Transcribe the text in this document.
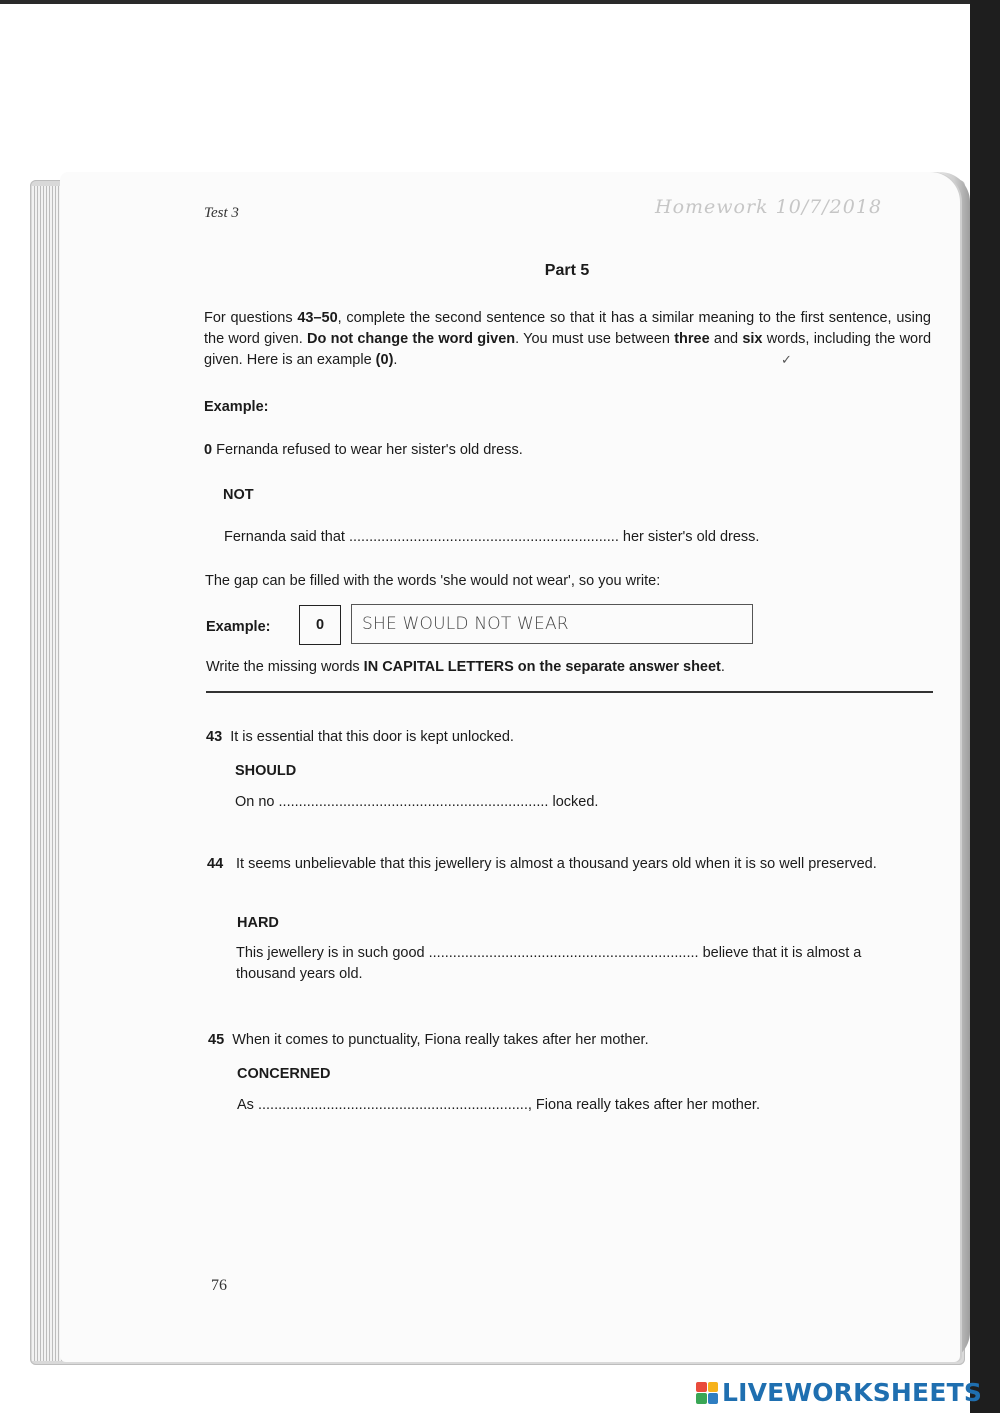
Test 3	Homework 10/7/2018
Part 5
For questions 43–50, complete the second sentence so that it has a similar meaning to the first sentence, using the word given. Do not change the word given. You must use between three and six words, including the word given. Here is an example (0).	✓
Example:
0 Fernanda refused to wear her sister's old dress.
NOT
Fernanda said that ................................................................... her sister's old dress.
The gap can be filled with the words 'she would not wear', so you write:
Example:	0	SHE WOULD NOT WEAR
Write the missing words IN CAPITAL LETTERS on the separate answer sheet.
43 It is essential that this door is kept unlocked.
SHOULD
On no ................................................................... locked.
44 It seems unbelievable that this jewellery is almost a thousand years old when it is so well preserved.
HARD
This jewellery is in such good ................................................................... believe that it is almost a thousand years old.
45 When it comes to punctuality, Fiona really takes after her mother.
CONCERNED
As ..................................................................., Fiona really takes after her mother.
76
LIVEWORKSHEETS
